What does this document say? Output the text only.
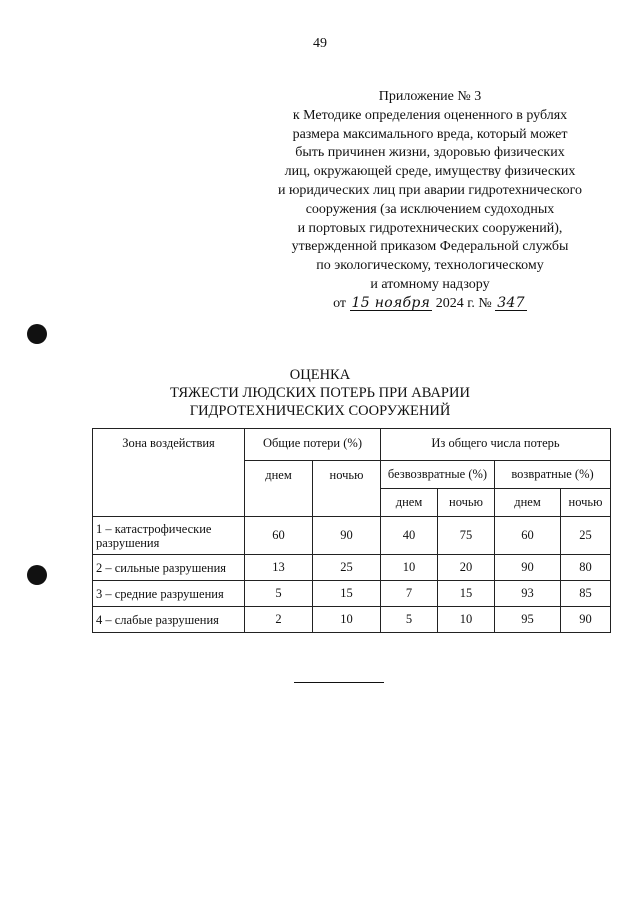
49
Приложение № 3
к Методике определения оцененного в рублях
размера максимального вреда, который может
быть причинен жизни, здоровью физических
лиц, окружающей среде, имуществу физических
и юридических лиц при аварии гидротехнического
сооружения (за исключением судоходных
и портовых гидротехнических сооружений),
утвержденной приказом Федеральной службы
по экологическому, технологическому
и атомному надзору
от 15 ноября 2024 г. № 347
ОЦЕНКА
ТЯЖЕСТИ ЛЮДСКИХ ПОТЕРЬ ПРИ АВАРИИ
ГИДРОТЕХНИЧЕСКИХ СООРУЖЕНИЙ
Зона воздействия	Общие потери (%)		Из общего числа потерь			
	днем	ночью	безвозвратные (%)		возвратные (%)	
			днем	ночью	днем	ночью
1 – катастрофические разрушения	60	90	40	75	60	25
2 – сильные разрушения	13	25	10	20	90	80
3 – средние разрушения	5	15	7	15	93	85
4 – слабые разрушения	2	10	5	10	95	90
